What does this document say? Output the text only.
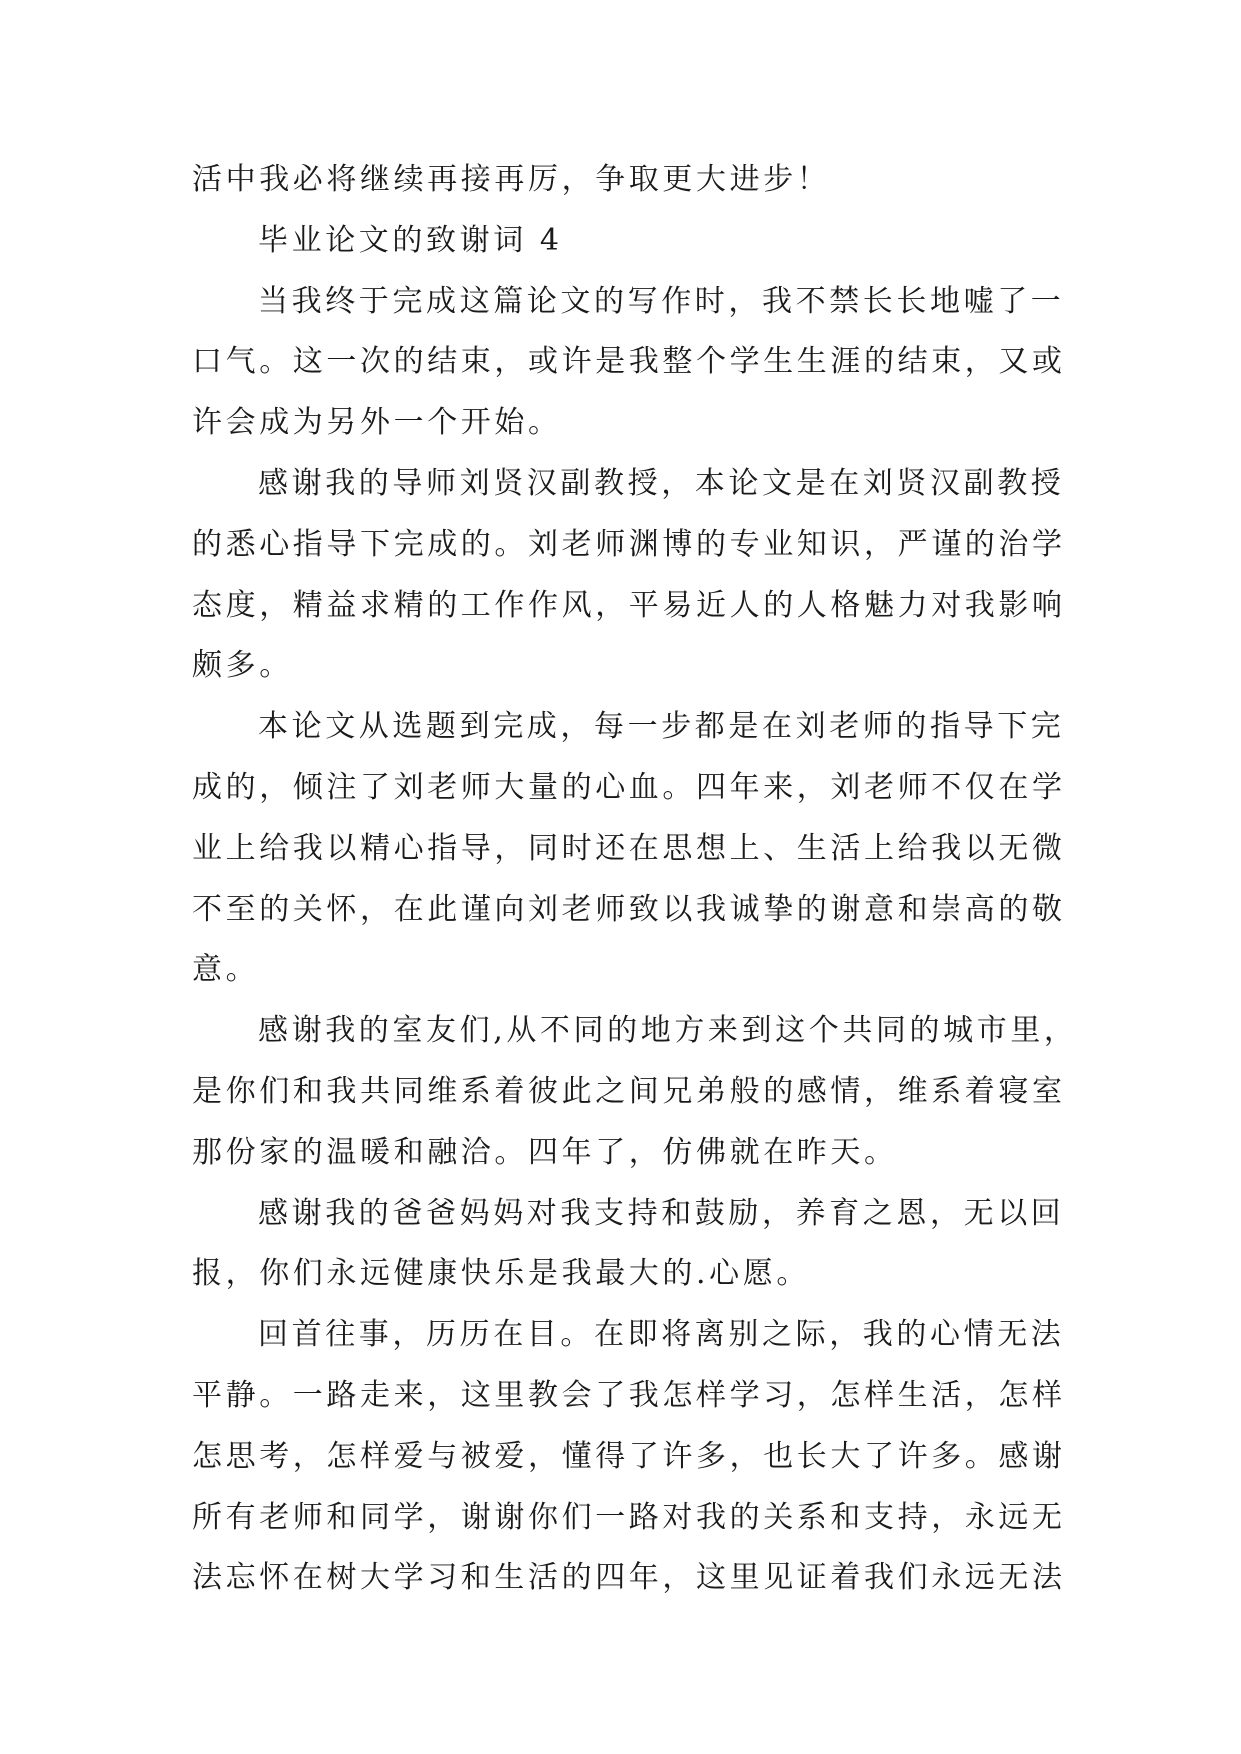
活中我必将继续再接再厉，争取更大进步！
毕业论文的致谢词 4
当我终于完成这篇论文的写作时，我不禁长长地嘘了一
口气。这一次的结束，或许是我整个学生生涯的结束，又或
许会成为另外一个开始。
感谢我的导师刘贤汉副教授，本论文是在刘贤汉副教授
的悉心指导下完成的。刘老师渊博的专业知识，严谨的治学
态度，精益求精的工作作风，平易近人的人格魅力对我影响
颇多。
本论文从选题到完成，每一步都是在刘老师的指导下完
成的，倾注了刘老师大量的心血。四年来，刘老师不仅在学
业上给我以精心指导，同时还在思想上、生活上给我以无微
不至的关怀，在此谨向刘老师致以我诚挚的谢意和崇高的敬
意。
感谢我的室友们,从不同的地方来到这个共同的城市里，
是你们和我共同维系着彼此之间兄弟般的感情，维系着寝室
那份家的温暖和融洽。四年了，仿佛就在昨天。
感谢我的爸爸妈妈对我支持和鼓励，养育之恩，无以回
报，你们永远健康快乐是我最大的.心愿。
回首往事，历历在目。在即将离别之际，我的心情无法
平静。一路走来，这里教会了我怎样学习，怎样生活，怎样
怎思考，怎样爱与被爱，懂得了许多，也长大了许多。感谢
所有老师和同学，谢谢你们一路对我的关系和支持，永远无
法忘怀在树大学习和生活的四年，这里见证着我们永远无法
